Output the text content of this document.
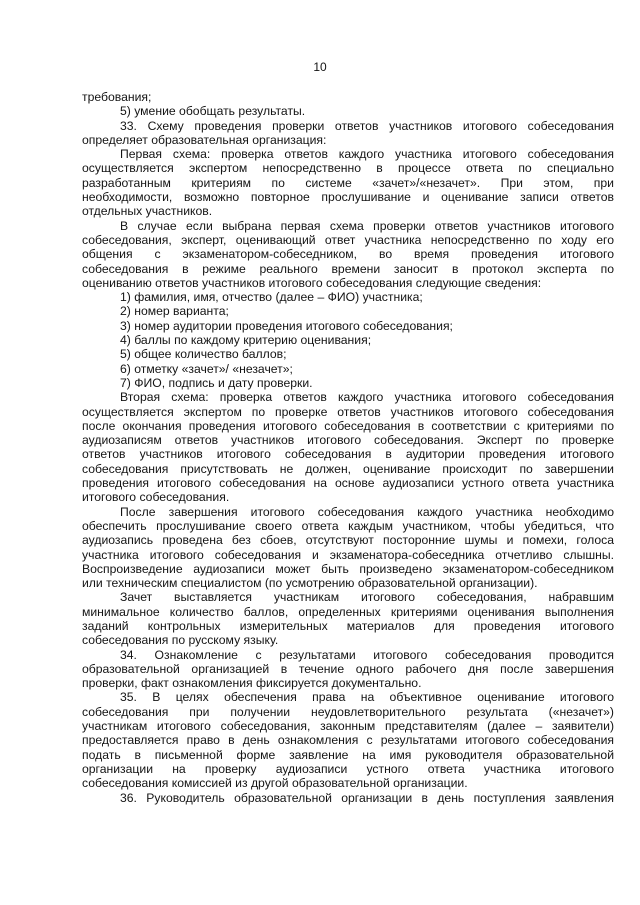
10
требования;
5) умение обобщать результаты.
33. Схему проведения проверки ответов участников итогового собеседования
определяет образовательная организация:
Первая схема: проверка ответов каждого участника итогового собеседования
осуществляется экспертом непосредственно в процессе ответа по специально
разработанным критериям по системе «зачет»/«незачет». При этом, при
необходимости, возможно повторное прослушивание и оценивание записи ответов
отдельных участников.
В случае если выбрана первая схема проверки ответов участников итогового
собеседования, эксперт, оценивающий ответ участника непосредственно по ходу его
общения с экзаменатором-собеседником, во время проведения итогового
собеседования в режиме реального времени заносит в протокол эксперта по
оцениванию ответов участников итогового собеседования следующие сведения:
1) фамилия, имя, отчество (далее – ФИО) участника;
2) номер варианта;
3) номер аудитории проведения итогового собеседования;
4) баллы по каждому критерию оценивания;
5) общее количество баллов;
6) отметку «зачет»/ «незачет»;
7) ФИО, подпись и дату проверки.
Вторая схема: проверка ответов каждого участника итогового собеседования
осуществляется экспертом по проверке ответов участников итогового собеседования
после окончания проведения итогового собеседования в соответствии с критериями по
аудиозаписям ответов участников итогового собеседования. Эксперт по проверке
ответов участников итогового собеседования в аудитории проведения итогового
собеседования присутствовать не должен, оценивание происходит по завершении
проведения итогового собеседования на основе аудиозаписи устного ответа участника
итогового собеседования.
После завершения итогового собеседования каждого участника необходимо
обеспечить прослушивание своего ответа каждым участником, чтобы убедиться, что
аудиозапись проведена без сбоев, отсутствуют посторонние шумы и помехи, голоса
участника итогового собеседования и экзаменатора-собеседника отчетливо слышны.
Воспроизведение аудиозаписи может быть произведено экзаменатором-собеседником
или техническим специалистом (по усмотрению образовательной организации).
Зачет выставляется участникам итогового собеседования, набравшим
минимальное количество баллов, определенных критериями оценивания выполнения
заданий контрольных измерительных материалов для проведения итогового
собеседования по русскому языку.
34. Ознакомление с результатами итогового собеседования проводится
образовательной организацией в течение одного рабочего дня после завершения
проверки, факт ознакомления фиксируется документально.
35. В целях обеспечения права на объективное оценивание итогового
собеседования при получении неудовлетворительного результата («незачет»)
участникам итогового собеседования, законным представителям (далее – заявители)
предоставляется право в день ознакомления с результатами итогового собеседования
подать в письменной форме заявление на имя руководителя образовательной
организации на проверку аудиозаписи устного ответа участника итогового
собеседования комиссией из другой образовательной организации.
36. Руководитель образовательной организации в день поступления заявления
